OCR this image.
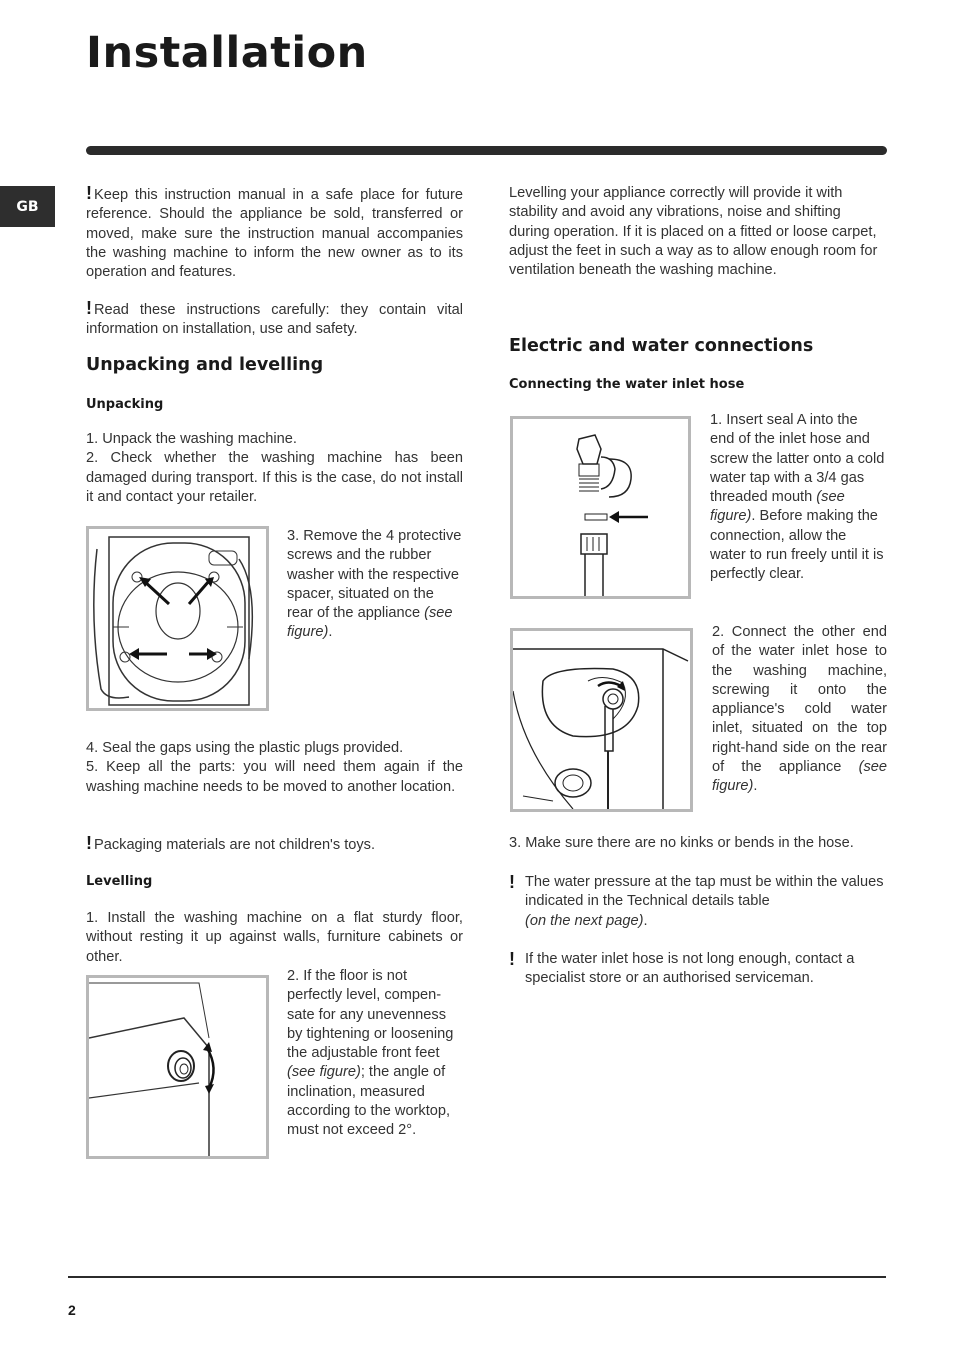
Installation
GB

! Keep this instruction manual in a safe place for future reference. Should the appliance be sold, transferred or moved, make sure the instruction manual accompanies the washing machine to inform the new owner as to its operation and features.

! Read these instructions carefully: they contain vital information on installation, use and safety.

Unpacking and levelling
Unpacking

1. Unpack the washing machine.

2. Check whether the washing machine has been damaged during transport. If this is the case, do not install it and contact your retailer.

3. Remove the 4 protective screws and the rubber washer with the respective spacer, situated on the rear of the appliance (see figure).

4. Seal the gaps using the plastic plugs provided.

5. Keep all the parts: you will need them again if the washing machine needs to be moved to another location.

! Packaging materials are not children's toys.

Levelling

1. Install the washing machine on a flat sturdy floor, without resting it up against walls, furniture cabinets or other.

2. If the floor is not perfectly level, compen-sate for any unevenness by tightening or loosening the adjustable front feet (see figure); the angle of inclination, measured according to the worktop, must not exceed 2°.

Levelling your appliance correctly will provide it with stability and avoid any vibrations, noise and shifting during operation. If it is placed on a fitted or loose carpet, adjust the feet in such a way as to allow enough room for ventilation beneath the washing machine.

Electric and water connections
Connecting the water inlet hose

1. Insert seal A into the end of the inlet hose and screw the latter onto a cold water tap with a 3/4 gas threaded mouth (see figure). Before making the connection, allow the water to run freely until it is perfectly clear.

2. Connect the other end of the water inlet hose to the washing machine, screwing it onto the appliance's cold water inlet, situated on the top right-hand side on the rear of the appliance (see figure).

3. Make sure there are no kinks or bends in the hose.

! The water pressure at the tap must be within the values indicated in the Technical details table
(on the next page).

! If the water inlet hose is not long enough, contact a specialist store or an authorised serviceman.

2
